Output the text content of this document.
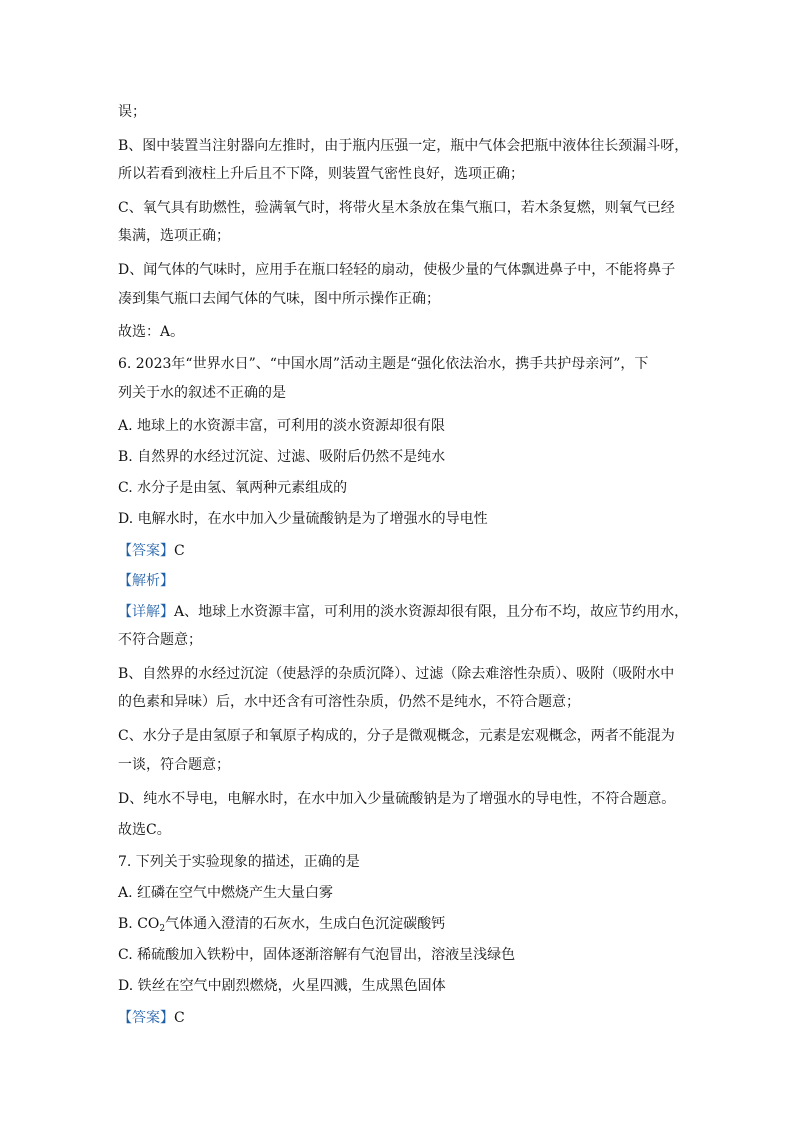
误；
B、图中装置当注射器向左推时，由于瓶内压强一定，瓶中气体会把瓶中液体往长颈漏斗呀，
所以若看到液柱上升后且不下降，则装置气密性良好，选项正确；
C、氧气具有助燃性，验满氧气时，将带火星木条放在集气瓶口，若木条复燃，则氧气已经
集满，选项正确；
D、闻气体的气味时，应用手在瓶口轻轻的扇动，使极少量的气体飘进鼻子中，不能将鼻子
凑到集气瓶口去闻气体的气味，图中所示操作正确；
故选：A。
6. 2023年“世界水日”、“中国水周”活动主题是“强化依法治水，携手共护母亲河”，下
列关于水的叙述不正确的是
A. 地球上的水资源丰富，可利用的淡水资源却很有限
B. 自然界的水经过沉淀、过滤、吸附后仍然不是纯水
C. 水分子是由氢、氧两种元素组成的
D. 电解水时，在水中加入少量硫酸钠是为了增强水的导电性
【答案】C
【解析】
【详解】A、地球上水资源丰富，可利用的淡水资源却很有限，且分布不均，故应节约用水，
不符合题意；
B、自然界的水经过沉淀（使悬浮的杂质沉降）、过滤（除去难溶性杂质）、吸附（吸附水中
的色素和异味）后，水中还含有可溶性杂质，仍然不是纯水，不符合题意；
C、水分子是由氢原子和氧原子构成的，分子是微观概念，元素是宏观概念，两者不能混为
一谈，符合题意；
D、纯水不导电，电解水时，在水中加入少量硫酸钠是为了增强水的导电性，不符合题意。
故选C。
7. 下列关于实验现象的描述，正确的是
A. 红磷在空气中燃烧产生大量白雾
B. $CO_2$气体通入澄清的石灰水，生成白色沉淀碳酸钙
C. 稀硫酸加入铁粉中，固体逐渐溶解有气泡冒出，溶液呈浅绿色
D. 铁丝在空气中剧烈燃烧，火星四溅，生成黑色固体
【答案】C
